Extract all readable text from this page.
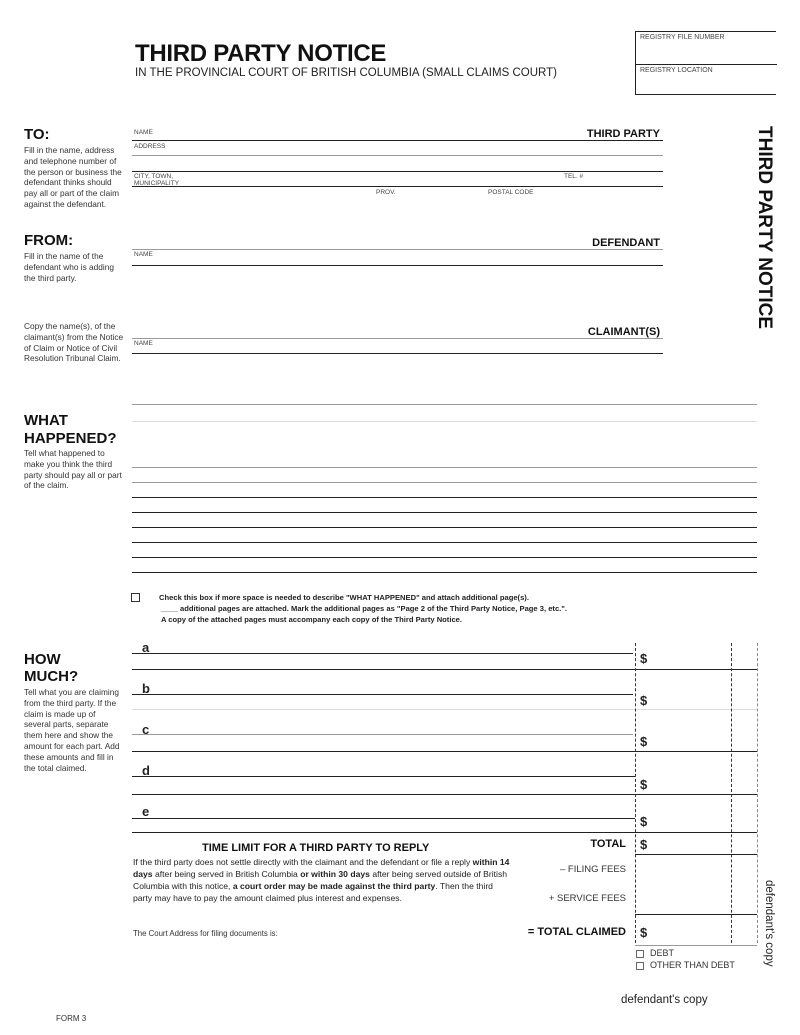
THIRD PARTY NOTICE
IN THE PROVINCIAL COURT OF BRITISH COLUMBIA (SMALL CLAIMS COURT)
REGISTRY FILE NUMBER
REGISTRY LOCATION
THIRD PARTY NOTICE
TO:
Fill in the name, address and telephone number of the person or business the defendant thinks should pay all or part of the claim against the defendant.
THIRD PARTY
NAME
ADDRESS
CITY, TOWN, MUNICIPALITY
TEL. #
PROV.	POSTAL CODE
FROM:
Fill in the name of the defendant who is adding the third party.
DEFENDANT
NAME
Copy the name(s), of the claimant(s) from the Notice of Claim or Notice of Civil Resolution Tribunal Claim.
CLAIMANT(S)
NAME
WHAT
HAPPENED?
Tell what happened to make you think the third party should pay all or part of the claim.
Check this box if more space is needed to describe "WHAT HAPPENED" and attach additional page(s).
____ additional pages are attached. Mark the additional pages as "Page 2 of the Third Party Notice, Page 3, etc.".
A copy of the attached pages must accompany each copy of the Third Party Notice.
HOW
MUCH?
Tell what you are claiming from the third party. If the claim is made up of several parts, separate them here and show the amount for each part. Add these amounts and fill in the total claimed.
a
$
b
$
c
$
d
$
e
$
TOTAL $
– FILING FEES
+ SERVICE FEES
= TOTAL CLAIMED $
DEBT
OTHER THAN DEBT defendant's copy
TIME LIMIT FOR A THIRD PARTY TO REPLY
If the third party does not settle directly with the claimant and the defendant or file a reply within 14 days after being served in British Columbia or within 30 days after being served outside of British Columbia with this notice, a court order may be made against the third party. Then the third party may have to pay the amount claimed plus interest and expenses.
The Court Address for filing documents is:
defendant's copy
FORM 3
